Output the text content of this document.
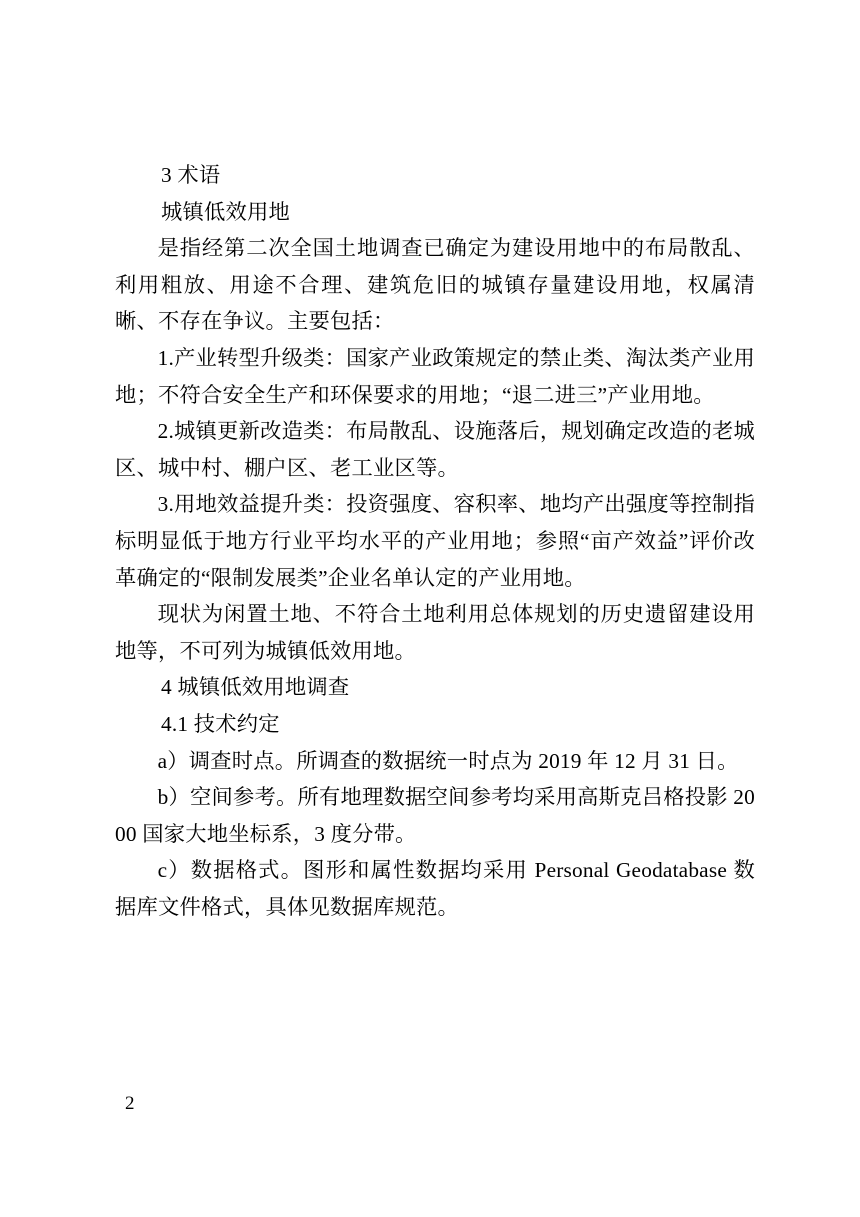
3 术语

城镇低效用地

是指经第二次全国土地调查已确定为建设用地中的布局散乱、利用粗放、用途不合理、建筑危旧的城镇存量建设用地，权属清晰、不存在争议。主要包括：

1.产业转型升级类：国家产业政策规定的禁止类、淘汰类产业用地；不符合安全生产和环保要求的用地；“退二进三”产业用地。

2.城镇更新改造类：布局散乱、设施落后，规划确定改造的老城区、城中村、棚户区、老工业区等。

3.用地效益提升类：投资强度、容积率、地均产出强度等控制指标明显低于地方行业平均水平的产业用地；参照“亩产效益”评价改革确定的“限制发展类”企业名单认定的产业用地。

现状为闲置土地、不符合土地利用总体规划的历史遗留建设用地等，不可列为城镇低效用地。

4 城镇低效用地调查

4.1 技术约定

a）调查时点。所调查的数据统一时点为 2019 年 12 月 31 日。

b）空间参考。所有地理数据空间参考均采用高斯克吕格投影 2000 国家大地坐标系，3 度分带。

c）数据格式。图形和属性数据均采用 Personal Geodatabase 数据库文件格式，具体见数据库规范。

2
